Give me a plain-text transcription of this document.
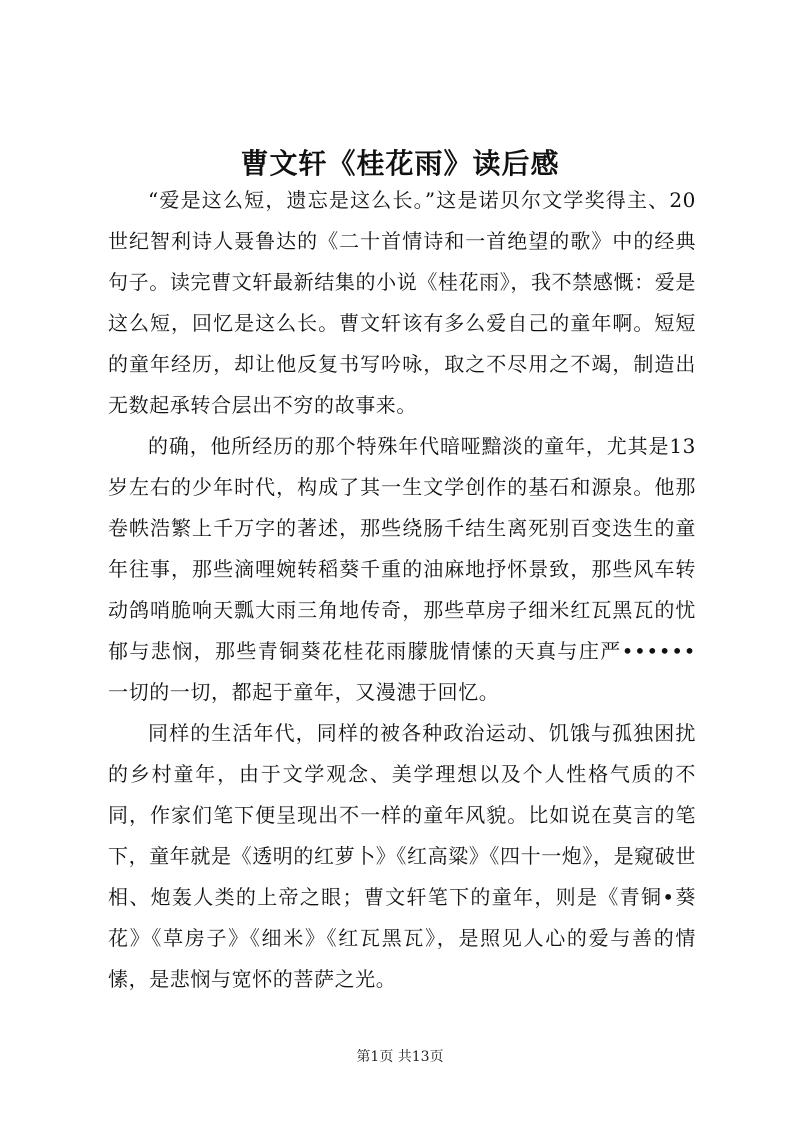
曹文轩《桂花雨》读后感

“爱是这么短，遗忘是这么长。”这是诺贝尔文学奖得主、20世纪智利诗人聂鲁达的《二十首情诗和一首绝望的歌》中的经典句子。读完曹文轩最新结集的小说《桂花雨》，我不禁感慨：爱是这么短，回忆是这么长。曹文轩该有多么爱自己的童年啊。短短的童年经历，却让他反复书写吟咏，取之不尽用之不竭，制造出无数起承转合层出不穷的故事来。

的确，他所经历的那个特殊年代暗哑黯淡的童年，尤其是13岁左右的少年时代，构成了其一生文学创作的基石和源泉。他那卷帙浩繁上千万字的著述，那些绕肠千结生离死别百变迭生的童年往事，那些滴哩婉转稻葵千重的油麻地抒怀景致，那些风车转动鸽哨脆响天瓢大雨三角地传奇，那些草房子细米红瓦黑瓦的忧郁与悲悯，那些青铜葵花桂花雨朦胧情愫的天真与庄严••••••一切的一切，都起于童年，又漫漶于回忆。

同样的生活年代，同样的被各种政治运动、饥饿与孤独困扰的乡村童年，由于文学观念、美学理想以及个人性格气质的不同，作家们笔下便呈现出不一样的童年风貌。比如说在莫言的笔下，童年就是《透明的红萝卜》《红高粱》《四十一炮》，是窥破世相、炮轰人类的上帝之眼；曹文轩笔下的童年，则是《青铜•葵花》《草房子》《细米》《红瓦黑瓦》，是照见人心的爱与善的情愫，是悲悯与宽怀的菩萨之光。

第1页 共13页
